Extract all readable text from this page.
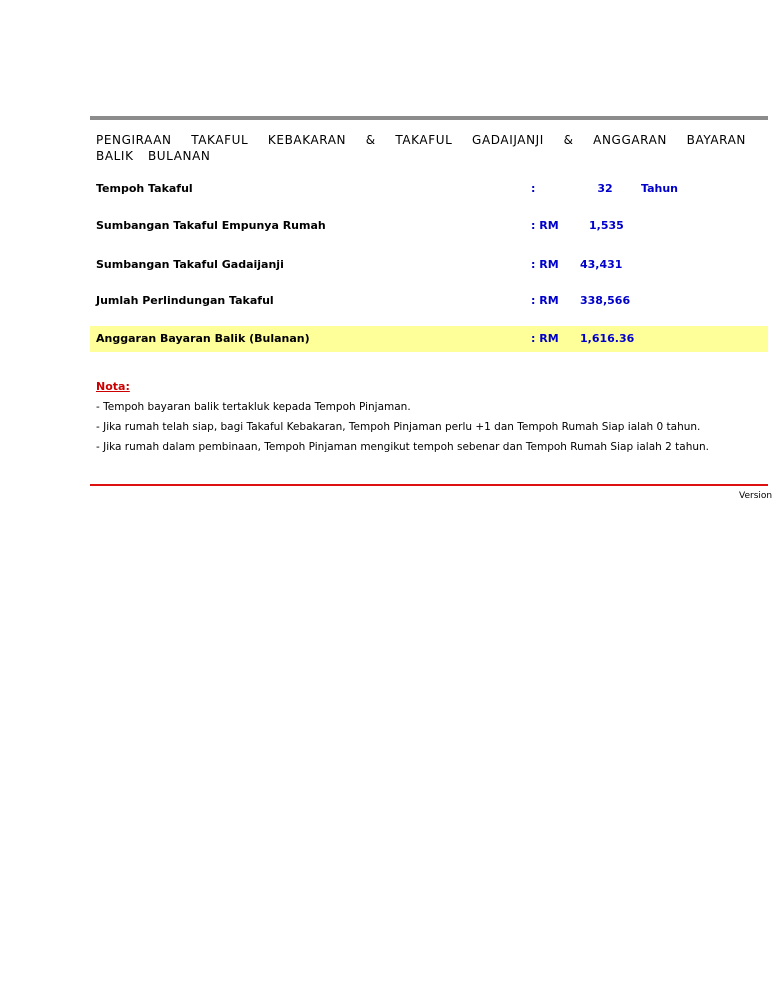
PENGIRAAN TAKAFUL KEBAKARAN & TAKAFUL GADAIJANJI & ANGGARAN BAYARAN BALIK BULANAN
Tempoh Takaful	:	32	Tahun
Sumbangan Takaful Empunya Rumah	: RM	1,535
Sumbangan Takaful Gadaijanji	: RM 43,431
Jumlah Perlindungan Takaful	: RM 338,566
Anggaran Bayaran Balik (Bulanan)	: RM 1,616.36
Nota:
- Tempoh bayaran balik tertakluk kepada Tempoh Pinjaman.
- Jika rumah telah siap, bagi Takaful Kebakaran, Tempoh Pinjaman perlu +1 dan Tempoh Rumah Siap ialah 0 tahun.
- Jika rumah dalam pembinaan, Tempoh Pinjaman mengikut tempoh sebenar dan Tempoh Rumah Siap ialah 2 tahun.
Version
